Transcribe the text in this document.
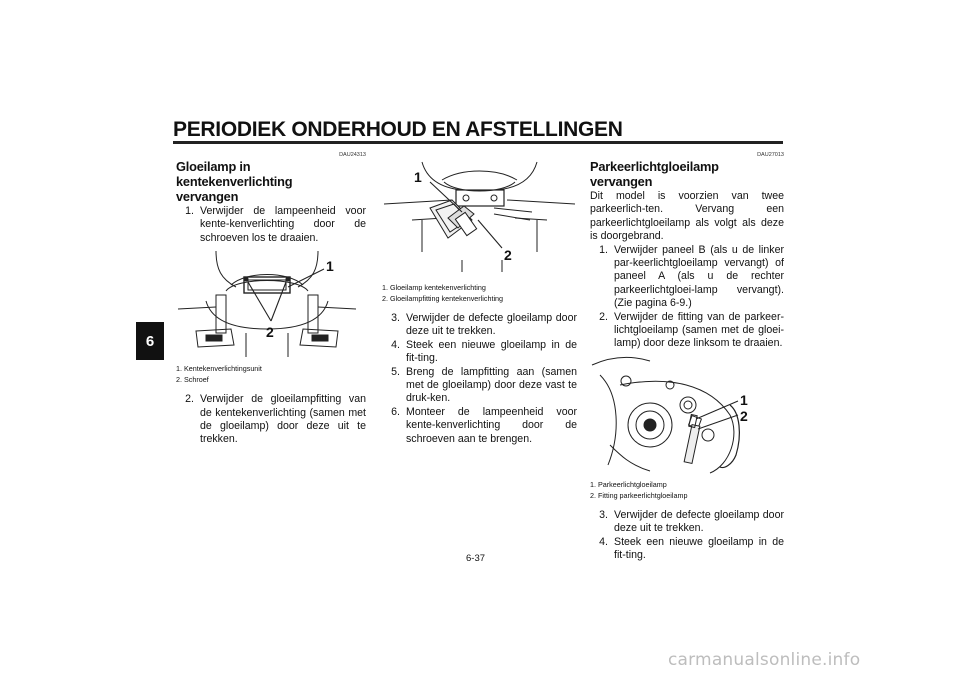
PERIODIEK ONDERHOUD EN AFSTELLINGEN
6
DAU24313
Gloeilamp in kentekenverlichting
vervangen
1. Verwijder de lampeenheid voor kente-kenverlichting door de schroeven los te draaien.
1
2
1. Kentekenverlichtingsunit
2. Schroef
2. Verwijder de gloeilampfitting van de kentekenverlichting (samen met de gloeilamp) door deze uit te trekken.
1
2
1. Gloeilamp kentekenverlichting
2. Gloeilampfitting kentekenverlichting
3. Verwijder de defecte gloeilamp door deze uit te trekken.
4. Steek een nieuwe gloeilamp in de fit-ting.
5. Breng de lampfitting aan (samen met de gloeilamp) door deze vast te druk-ken.
6. Monteer de lampeenheid voor kente-kenverlichting door de schroeven aan te brengen.
DAU27013
Parkeerlichtgloeilamp vervangen
Dit model is voorzien van twee parkeerlich-ten. Vervang een parkeerlichtgloeilamp als volgt als deze is doorgebrand.
1. Verwijder paneel B (als u de linker par-keerlichtgloeilamp vervangt) of paneel A (als u de rechter parkeerlichtgloei-lamp vervangt). (Zie pagina 6-9.)
2. Verwijder de fitting van de parkeer-lichtgloeilamp (samen met de gloei-lamp) door deze linksom te draaien.
1
2
1. Parkeerlichtgloeilamp
2. Fitting parkeerlichtgloeilamp
3. Verwijder de defecte gloeilamp door deze uit te trekken.
4. Steek een nieuwe gloeilamp in de fit-ting.
6-37
carmanualsonline.info
